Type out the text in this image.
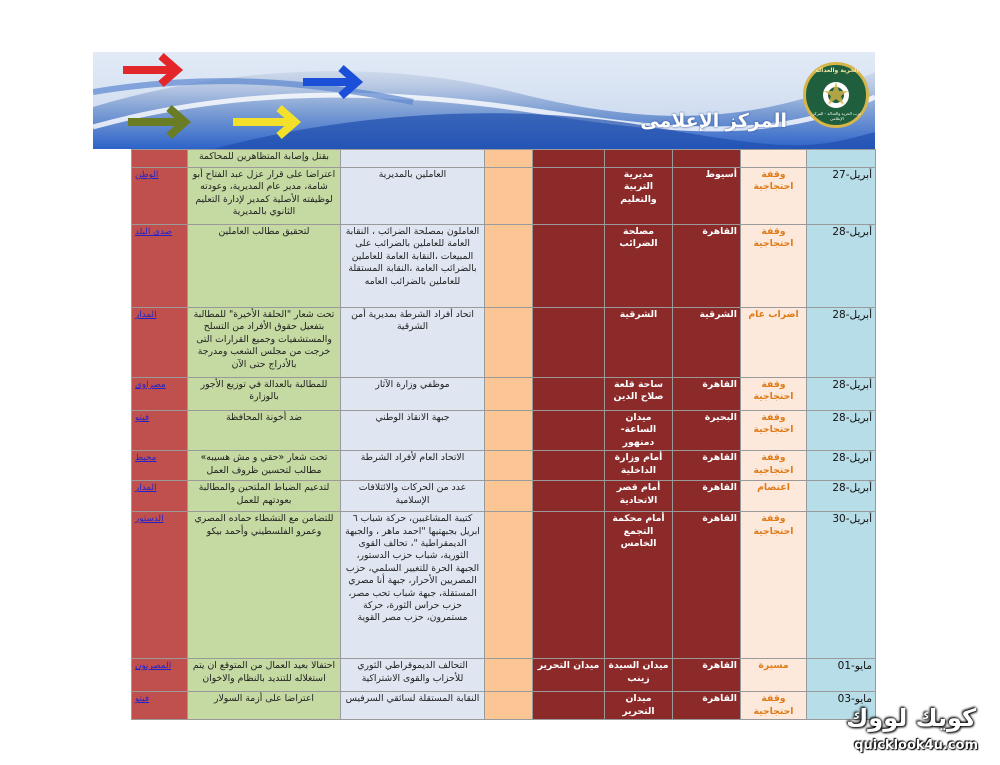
المركز الإعلامى
الحرية والعدالة
حزب الحرية والعدالة - المركز الإعلامي
	بقتل وإصابة المتظاهرين للمحاكمة							

الوطن	اعتراضا على قرار عزل عبد الفتاح أبو شامة، مدير عام المديرية، وعودته لوظيفته الأصلية كمدير لإدارة التعليم الثانوي بالمديرية	العاملين بالمديرية			مديرية التربية والتعليم	أسيوط	وقفة احتجاجية	أبريل-27

صدى البلد	لتحقيق مطالب العاملين	العاملون بمصلحة الضرائب ، النقابة العامة للعاملين بالضرائب على المبيعات ،النقابة العامة للعاملين بالضرائب العامة ،النقابة المستقلة للعاملين بالضرائب العامه			مصلحة الضرائب	القاهرة	وقفة احتجاجية	أبريل-28

المدار	تحت شعار "الحلقة الأخيرة" للمطالبة بتفعيل حقوق الأفراد من التسلح والمستشفيات وجميع القرارات التى خرجت من مجلس الشعب ومدرجة بالأدراج حتى الآن	اتحاد أفراد الشرطة بمديرية أمن الشرقية			الشرقية	الشرقية	اضراب عام	أبريل-28

مصراوي	للمطالبة بالعدالة في توزيع الأجور بالوزارة	موظفي وزارة الآثار			ساحة قلعة صلاح الدين	القاهرة	وقفة احتجاجية	أبريل-28

فيتو	ضد أخونة المحافظة	جبهة الانقاذ الوطني			ميدان الساعة- دمنهور	البحيرة	وقفة احتجاجية	أبريل-28

محيط	تحت شعار «حقي و مش هسيبه» مطالب لتحسين ظروف العمل	الاتحاد العام لأفراد الشرطة			أمام وزارة الداخلية	القاهرة	وقفة احتجاجية	أبريل-28

المدار	لتدعيم الضباط الملتحين والمطالبة بعودتهم للعمل	عدد من الحركات والائتلافات الإسلامية			أمام قصر الاتحادية	القاهرة	اعتصام	أبريل-28

الدستور	للتضامن مع النشطاء حماده المصري وعمرو الفلسطيني وأحمد بيكو	كتيبة المشاغبين، حركة شباب ٦ ابريل بجبهتيها "احمد ماهر ، والجبهة الديمقراطية "، تحالف القوى الثورية، شباب حزب الدستور، الجبهة الحرة للتغيير السلمي، حزب المصريين الأحرار، جبهة أنا مصري المستقلة، جبهة شباب تحب مصر، حزب حراس الثورة، حركة مستمرون، حزب مصر القوية			أمام محكمة التجمع الخامس	القاهرة	وقفة احتجاجية	أبريل-30

المصريون	احتفالا بعيد العمال من المتوقع ان يتم استغلاله للتنديد بالنظام والاخوان	التحالف الديموقراطي الثوري للأحزاب والقوى الاشتراكية		ميدان التحرير	ميدان السيدة زينب	القاهرة	مسيرة	مايو-01

فيتو	اعتراضا على أزمة السولار	النقابة المستقلة لسائقي السرفيس			ميدان التحرير	القاهرة	وقفة احتجاجية	مايو-03
كويك لووك
quicklook4u.com
